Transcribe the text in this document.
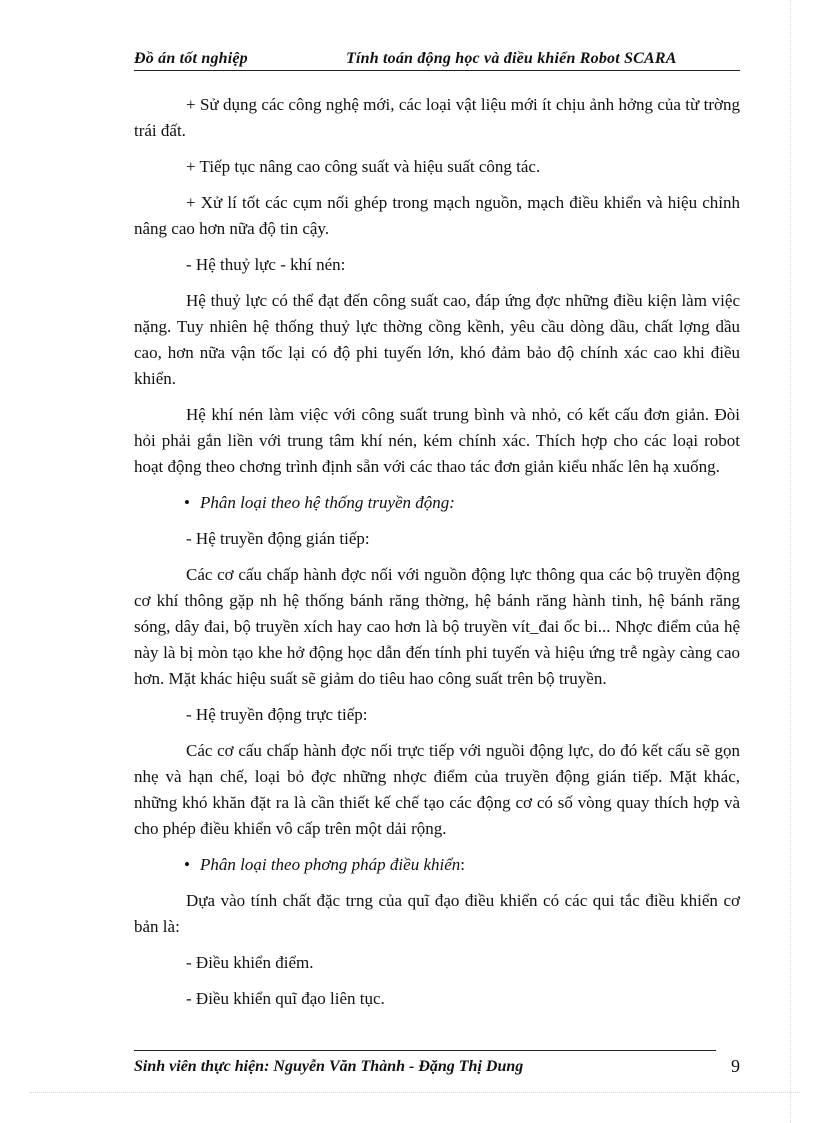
Đồ án tốt nghiệp	Tính toán động học và điều khiển Robot SCARA

+ Sử dụng các công nghệ mới, các loại vật liệu mới ít chịu ảnh hởng của từ trờng trái đất.

+ Tiếp tục nâng cao công suất và hiệu suất công tác.

+ Xử lí tốt các cụm nối ghép trong mạch nguồn, mạch điều khiển và hiệu chỉnh nâng cao hơn nữa độ tin cậy.

- Hệ thuỷ lực - khí nén:

Hệ thuỷ lực có thể đạt đến công suất cao, đáp ứng đợc những điều kiện làm việc nặng. Tuy nhiên hệ thống thuỷ lực thờng cồng kềnh, yêu cầu dòng dầu, chất lợng dầu cao, hơn nữa vận tốc lại có độ phi tuyến lớn, khó đảm bảo độ chính xác cao khi điều khiển.

Hệ khí nén làm việc với công suất trung bình và nhỏ, có kết cấu đơn giản. Đòi hỏi phải gắn liền với trung tâm khí nén, kém chính xác. Thích hợp cho các loại robot hoạt động theo chơng trình định sẵn với các thao tác đơn giản kiểu nhấc lên hạ xuống.

• Phân loại theo hệ thống truyền động:
- Hệ truyền động gián tiếp:

Các cơ cấu chấp hành đợc nối với nguồn động lực thông qua các bộ truyền động cơ khí thông gặp nh hệ thống bánh răng thờng, hệ bánh răng hành tinh, hệ bánh răng sóng, dây đai, bộ truyền xích hay cao hơn là bộ truyền vít_đai ốc bi... Nhợc điểm của hệ này là bị mòn tạo khe hở động học dẫn đến tính phi tuyến và hiệu ứng trễ ngày càng cao hơn. Mặt khác hiệu suất sẽ giảm do tiêu hao công suất trên bộ truyền.

- Hệ truyền động trực tiếp:

Các cơ cấu chấp hành đợc nối trực tiếp với nguồi động lực, do đó kết cấu sẽ gọn nhẹ và hạn chế, loại bỏ đợc những nhợc điểm của truyền động gián tiếp. Mặt khác, những khó khăn đặt ra là cần thiết kế chế tạo các động cơ có số vòng quay thích hợp và cho phép điều khiển vô cấp trên một dải rộng.

• Phân loại theo phơng pháp điều khiển:

Dựa vào tính chất đặc trng của quĩ đạo điều khiển có các qui tắc điều khiển cơ bản là:

- Điều khiển điểm.
- Điều khiển quĩ đạo liên tục.
Sinh viên thực hiện: Nguyễn Văn Thành - Đặng Thị Dung	9
